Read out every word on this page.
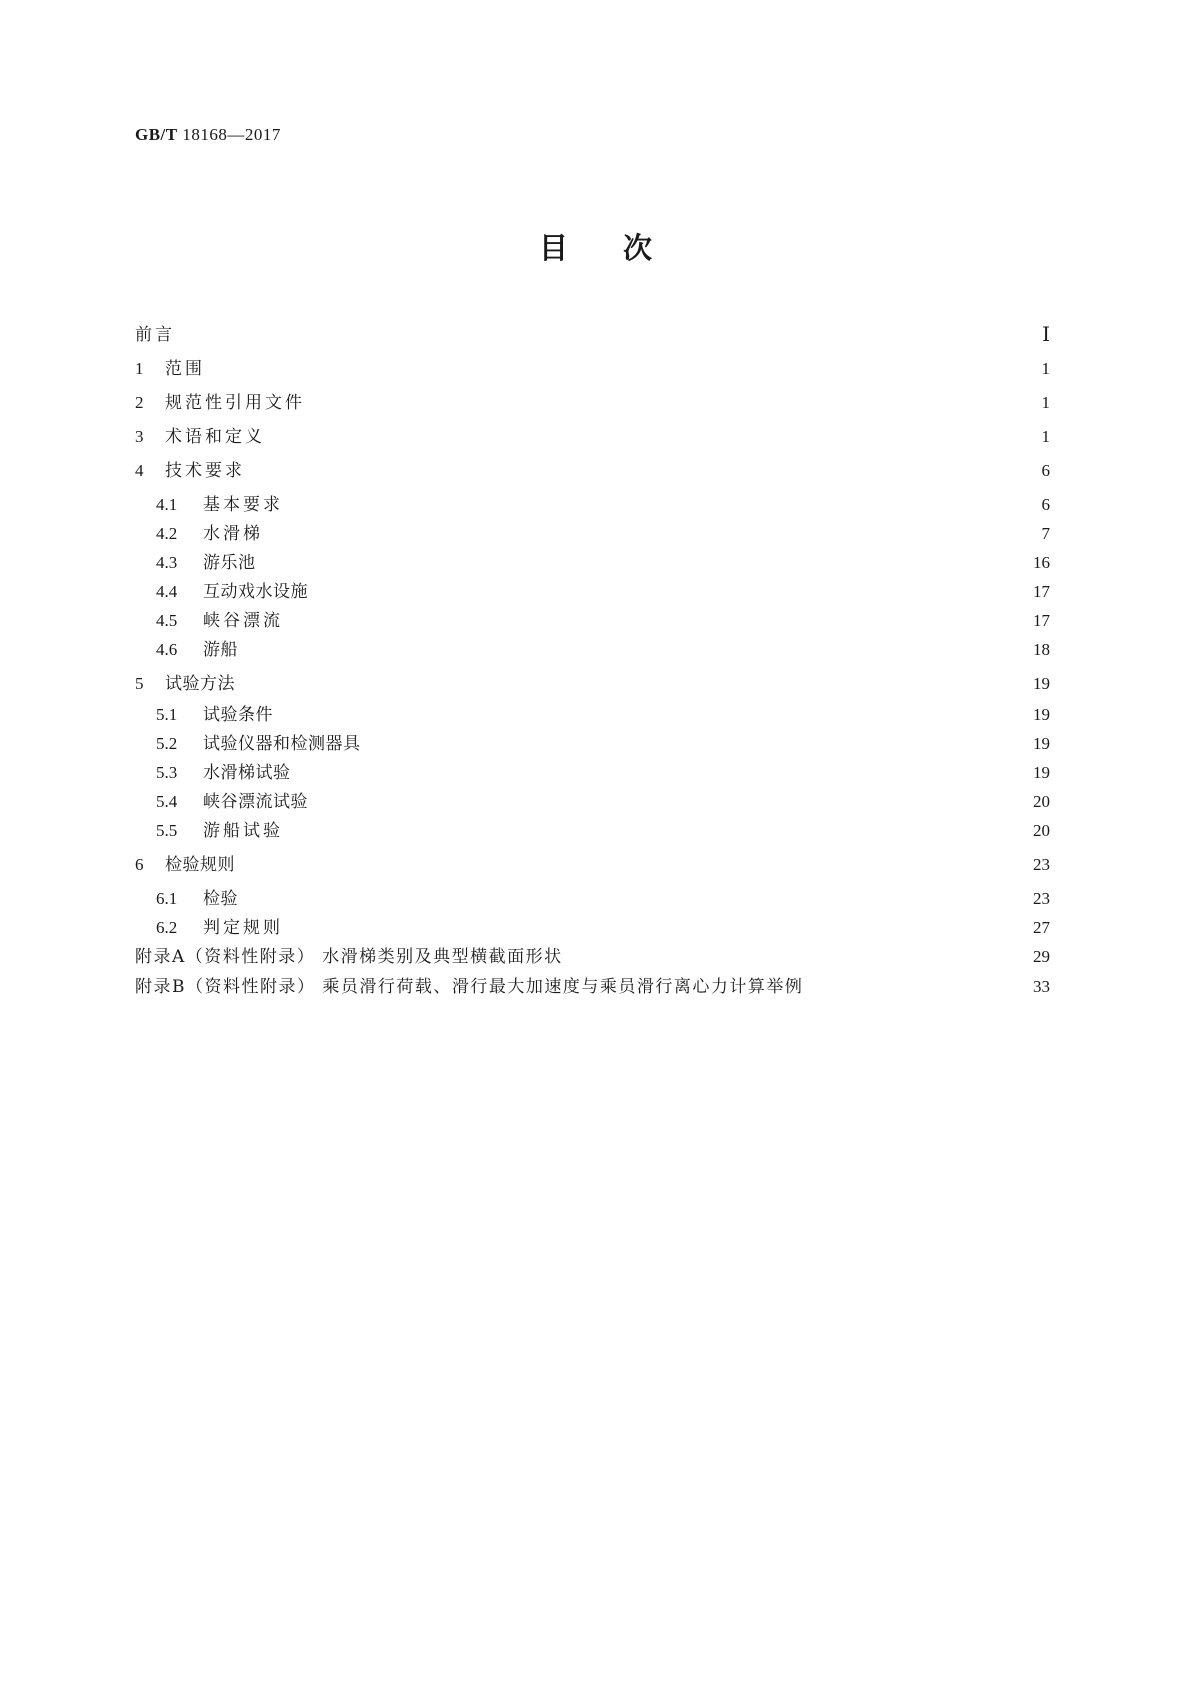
GB/T 18168—2017
目次
前言	Ⅰ
1	范围	1
2	规范性引用文件	1
3	术语和定义	1
4	技术要求	6
4.1	基本要求	6
4.2	水滑梯	7
4.3	游乐池	16
4.4	互动戏水设施	17
4.5	峡谷漂流	17
4.6	游船	18
5	试验方法	19
5.1	试验条件	19
5.2	试验仪器和检测器具	19
5.3	水滑梯试验	19
5.4	峡谷漂流试验	20
5.5	游船试验	20
6	检验规则	23
6.1	检验	23
6.2	判定规则	27
附录A（资料性附录） 水滑梯类别及典型横截面形状	29
附录B（资料性附录） 乘员滑行荷载、滑行最大加速度与乘员滑行离心力计算举例	33
